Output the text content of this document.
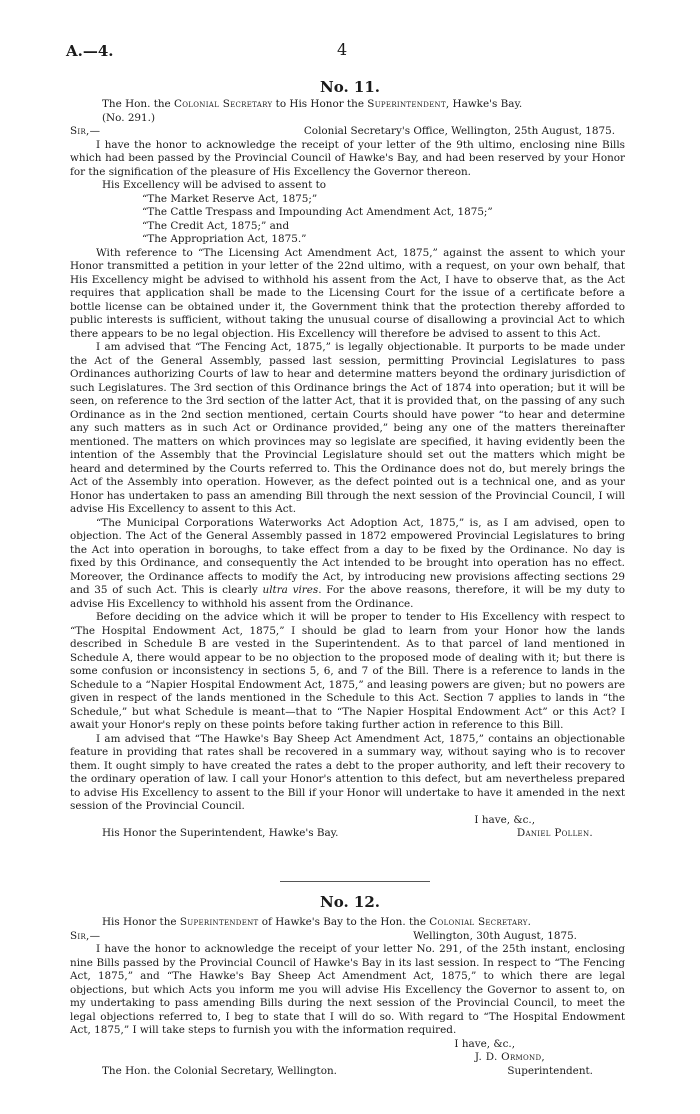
A.—4.	4
No. 11.

The Hon. the Colonial Secretary to His Honor the Superintendent, Hawke's Bay.

(No. 291.)

Sir,—	Colonial Secretary's Office, Wellington, 25th August, 1875.

I have the honor to acknowledge the receipt of your letter of the 9th ultimo, enclosing nine Bills which had been passed by the Provincial Council of Hawke's Bay, and had been reserved by your Honor for the signification of the pleasure of His Excellency the Governor thereon.

His Excellency will be advised to assent to

“The Market Reserve Act, 1875;”

“The Cattle Trespass and Impounding Act Amendment Act, 1875;”

“The Credit Act, 1875;” and

“The Appropriation Act, 1875.”

With reference to “The Licensing Act Amendment Act, 1875,” against the assent to which your Honor transmitted a petition in your letter of the 22nd ultimo, with a request, on your own behalf, that His Excellency might be advised to withhold his assent from the Act, I have to observe that, as the Act requires that application shall be made to the Licensing Court for the issue of a certificate before a bottle license can be obtained under it, the Government think that the protection thereby afforded to public interests is sufficient, without taking the unusual course of disallowing a provincial Act to which there appears to be no legal objection. His Excellency will therefore be advised to assent to this Act.

I am advised that “The Fencing Act, 1875,” is legally objectionable. It purports to be made under the Act of the General Assembly, passed last session, permitting Provincial Legislatures to pass Ordinances authorizing Courts of law to hear and determine matters beyond the ordinary jurisdiction of such Legislatures. The 3rd section of this Ordinance brings the Act of 1874 into operation; but it will be seen, on reference to the 3rd section of the latter Act, that it is provided that, on the passing of any such Ordinance as in the 2nd section mentioned, certain Courts should have power “to hear and determine any such matters as in such Act or Ordinance provided,” being any one of the matters thereinafter mentioned. The matters on which provinces may so legislate are specified, it having evidently been the intention of the Assembly that the Provincial Legislature should set out the matters which might be heard and determined by the Courts referred to. This the Ordinance does not do, but merely brings the Act of the Assembly into operation. However, as the defect pointed out is a technical one, and as your Honor has undertaken to pass an amending Bill through the next session of the Provincial Council, I will advise His Excellency to assent to this Act.

“The Municipal Corporations Waterworks Act Adoption Act, 1875,” is, as I am advised, open to objection. The Act of the General Assembly passed in 1872 empowered Provincial Legislatures to bring the Act into operation in boroughs, to take effect from a day to be fixed by the Ordinance. No day is fixed by this Ordinance, and consequently the Act intended to be brought into operation has no effect. Moreover, the Ordinance affects to modify the Act, by introducing new provisions affecting sections 29 and 35 of such Act. This is clearly ultra vires. For the above reasons, therefore, it will be my duty to advise His Excellency to withhold his assent from the Ordinance.

Before deciding on the advice which it will be proper to tender to His Excellency with respect to “The Hospital Endowment Act, 1875,” I should be glad to learn from your Honor how the lands described in Schedule B are vested in the Superintendent. As to that parcel of land mentioned in Schedule A, there would appear to be no objection to the proposed mode of dealing with it; but there is some confusion or inconsistency in sections 5, 6, and 7 of the Bill. There is a reference to lands in the Schedule to a “Napier Hospital Endowment Act, 1875,” and leasing powers are given; but no powers are given in respect of the lands mentioned in the Schedule to this Act. Section 7 applies to lands in “the Schedule,” but what Schedule is meant—that to “The Napier Hospital Endowment Act” or this Act? I await your Honor's reply on these points before taking further action in reference to this Bill.

I am advised that “The Hawke's Bay Sheep Act Amendment Act, 1875,” contains an objectionable feature in providing that rates shall be recovered in a summary way, without saying who is to recover them. It ought simply to have created the rates a debt to the proper authority, and left their recovery to the ordinary operation of law. I call your Honor's attention to this defect, but am nevertheless prepared to advise His Excellency to assent to the Bill if your Honor will undertake to have it amended in the next session of the Provincial Council.

I have, &c.,

His Honor the Superintendent, Hawke's Bay.	Daniel Pollen.

No. 12.

His Honor the Superintendent of Hawke's Bay to the Hon. the Colonial Secretary.

Sir,—	Wellington, 30th August, 1875.

I have the honor to acknowledge the receipt of your letter No. 291, of the 25th instant, enclosing nine Bills passed by the Provincial Council of Hawke's Bay in its last session. In respect to “The Fencing Act, 1875,” and “The Hawke's Bay Sheep Act Amendment Act, 1875,” to which there are legal objections, but which Acts you inform me you will advise His Excellency the Governor to assent to, on my undertaking to pass amending Bills during the next session of the Provincial Council, to meet the legal objections referred to, I beg to state that I will do so. With regard to “The Hospital Endowment Act, 1875,” I will take steps to furnish you with the information required.

I have, &c.,

J. D. Ormond,

The Hon. the Colonial Secretary, Wellington.	Superintendent.
